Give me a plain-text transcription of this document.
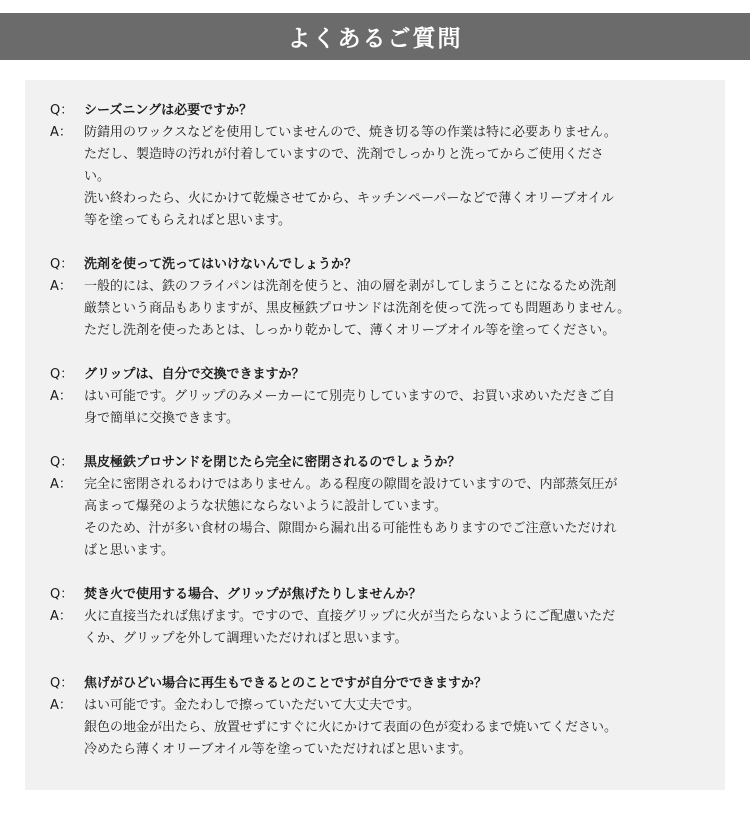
よくあるご質問
Q： シーズニングは必要ですか？
A： 防錆用のワックスなどを使用していませんので、焼き切る等の作業は特に必要ありません。
ただし、製造時の汚れが付着していますので、洗剤でしっかりと洗ってからご使用くださ
い。
洗い終わったら、火にかけて乾燥させてから、キッチンペーパーなどで薄くオリーブオイル
等を塗ってもらえればと思います。
Q： 洗剤を使って洗ってはいけないんでしょうか？
A： 一般的には、鉄のフライパンは洗剤を使うと、油の層を剥がしてしまうことになるため洗剤
厳禁という商品もありますが、黒皮極鉄プロサンドは洗剤を使って洗っても問題ありません。
ただし洗剤を使ったあとは、しっかり乾かして、薄くオリーブオイル等を塗ってください。
Q： グリップは、自分で交換できますか？
A： はい可能です。グリップのみメーカーにて別売りしていますので、お買い求めいただきご自
身で簡単に交換できます。
Q： 黒皮極鉄プロサンドを閉じたら完全に密閉されるのでしょうか？
A： 完全に密閉されるわけではありません。ある程度の隙間を設けていますので、内部蒸気圧が
高まって爆発のような状態にならないように設計しています。
そのため、汁が多い食材の場合、隙間から漏れ出る可能性もありますのでご注意いただけれ
ばと思います。
Q： 焚き火で使用する場合、グリップが焦げたりしませんか？
A： 火に直接当たれば焦げます。ですので、直接グリップに火が当たらないようにご配慮いただ
くか、グリップを外して調理いただければと思います。
Q： 焦げがひどい場合に再生もできるとのことですが自分でできますか？
A： はい可能です。金たわしで擦っていただいて大丈夫です。
銀色の地金が出たら、放置せずにすぐに火にかけて表面の色が変わるまで焼いてください。
冷めたら薄くオリーブオイル等を塗っていただければと思います。
